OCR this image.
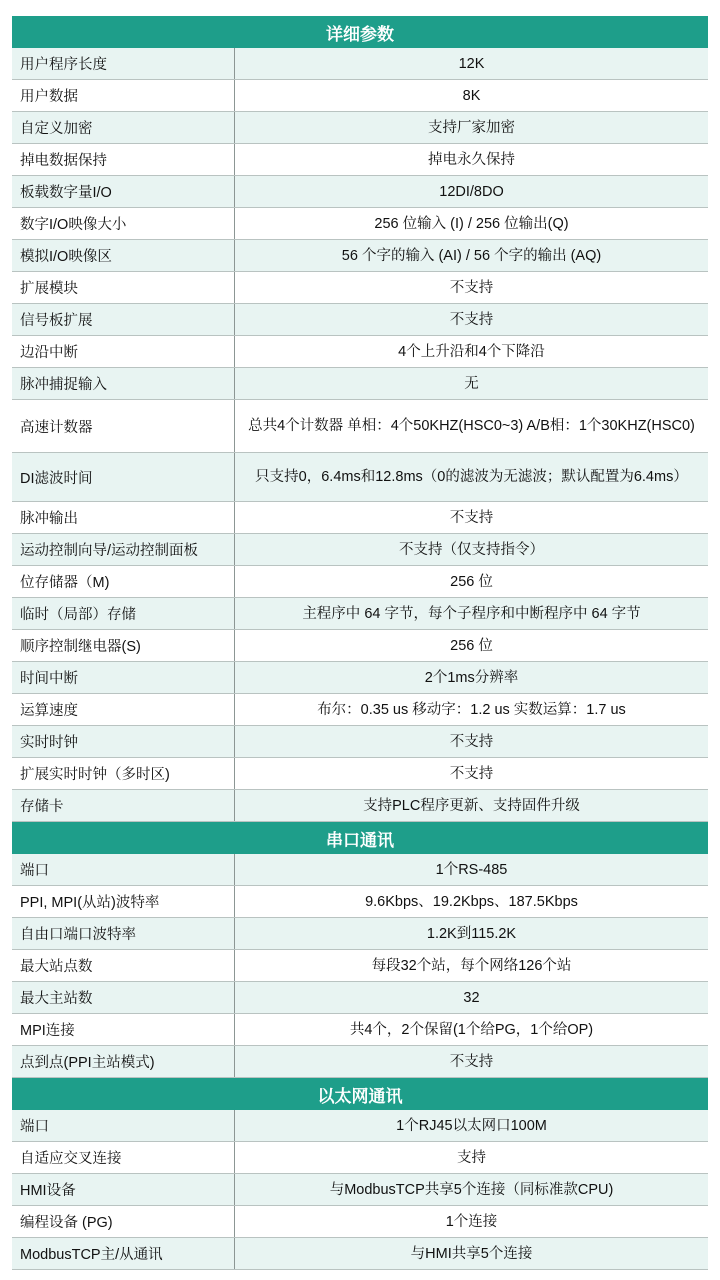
详细参数
用户程序长度	12K
用户数据	8K
自定义加密	支持厂家加密
掉电数据保持	掉电永久保持
板载数字量I/O	12DI/8DO
数字I/O映像大小	256 位输入 (I) / 256 位输出(Q)
模拟I/O映像区	56 个字的输入 (AI) / 56 个字的输出 (AQ)
扩展模块	不支持
信号板扩展	不支持
边沿中断	4个上升沿和4个下降沿
脉冲捕捉输入	无
高速计数器	总共4个计数器 单相：4个50KHZ(HSC0~3) A/B相：1个30KHZ(HSC0)
DI滤波时间	只支持0，6.4ms和12.8ms（0的滤波为无滤波；默认配置为6.4ms）
脉冲输出	不支持
运动控制向导/运动控制面板	不支持（仅支持指令）
位存储器（M)	256 位
临时（局部）存储	主程序中 64 字节，每个子程序和中断程序中 64 字节
顺序控制继电器(S)	256 位
时间中断	2个1ms分辨率
运算速度	布尔：0.35 us 移动字：1.2 us 实数运算：1.7 us
实时时钟	不支持
扩展实时时钟（多时区)	不支持
存储卡	支持PLC程序更新、支持固件升级
串口通讯
端口	1个RS-485
PPI, MPI(从站)波特率	9.6Kbps、19.2Kbps、187.5Kbps
自由口端口波特率	1.2K到115.2K
最大站点数	每段32个站，每个网络126个站
最大主站数	32
MPI连接	共4个，2个保留(1个给PG，1个给OP)
点到点(PPI主站模式)	不支持
以太网通讯
端口	1个RJ45以太网口100M
自适应交叉连接	支持
HMI设备	与ModbusTCP共享5个连接（同标准款CPU)
编程设备 (PG)	1个连接
ModbusTCP主/从通讯	与HMI共享5个连接
